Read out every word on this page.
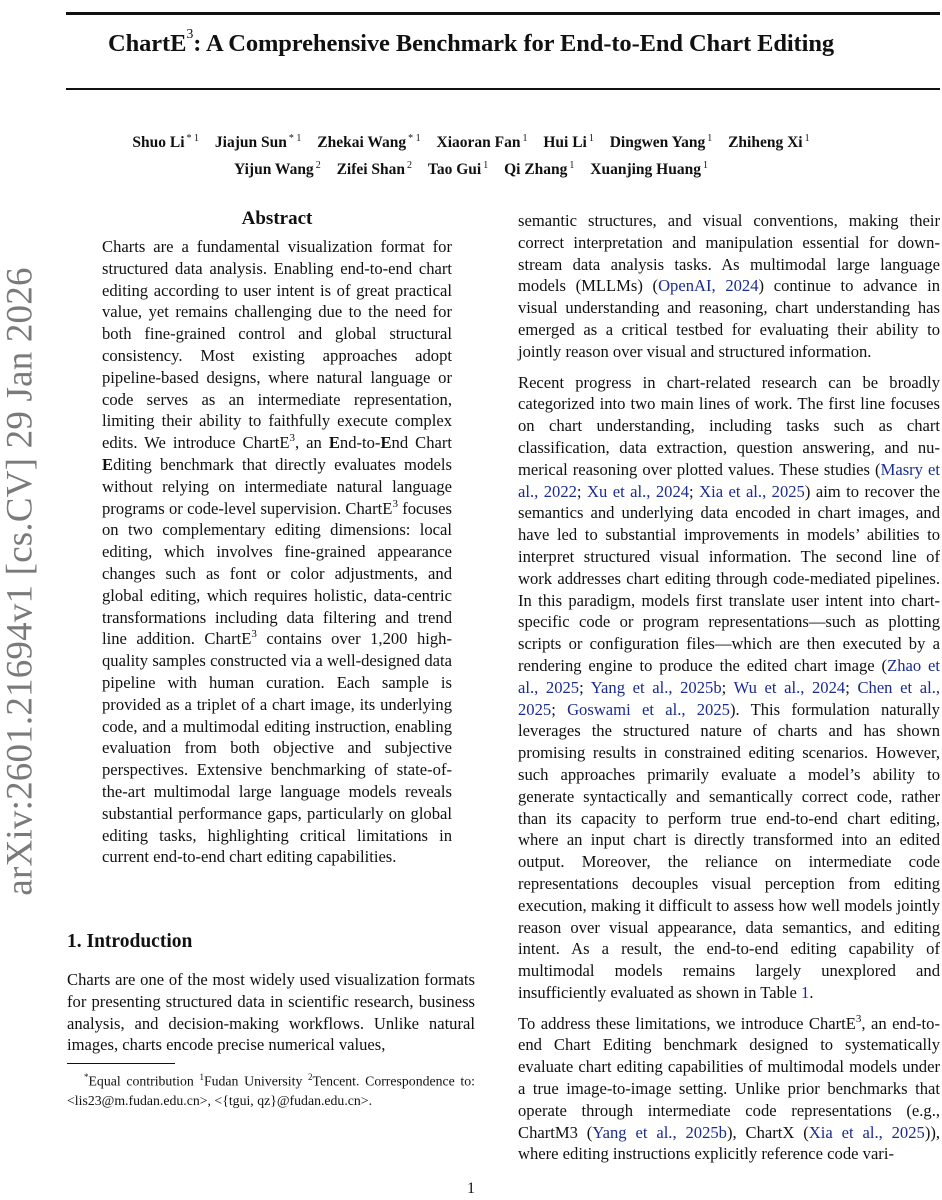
ChartE$^3$: A Comprehensive Benchmark for End-to-End Chart Editing
Shuo Li $^{* 1}$ Jiajun Sun $^{* 1}$ Zhekai Wang $^{* 1}$ Xiaoran Fan $^1$ Hui Li $^1$ Dingwen Yang $^1$ Zhiheng Xi $^1$
Yijun Wang $^2$ Zifei Shan $^2$ Tao Gui $^1$ Qi Zhang $^1$ Xuanjing Huang $^1$
arXiv:2601.21694v1 [cs.CV] 29 Jan 2026
Abstract

Charts are a fundamental visualization format for structured data analysis. Enabling end-to-end chart editing according to user intent is of great practical value, yet remains challenging due to the need for both fine-grained control and global structural consistency. Most existing approaches adopt pipeline-based designs, where natural language or code serves as an intermediate representation, limiting their ability to faithfully execute complex edits. We introduce ChartE$^3$, an End-to-End Chart Editing benchmark that directly evaluates models without relying on intermediate natural language programs or code-level supervision. ChartE$^3$ focuses on two complementary editing dimensions: local editing, which involves fine-grained appearance changes such as font or color adjustments, and global editing, which requires holistic, data-centric transformations including data filtering and trend line addition. ChartE$^3$ contains over 1,200 high-quality samples constructed via a well-designed data pipeline with human curation. Each sample is provided as a triplet of a chart image, its underlying code, and a multimodal editing instruction, enabling evaluation from both objective and subjective perspectives. Extensive benchmarking of state-of-the-art multimodal large language models reveals substantial performance gaps, particularly on global editing tasks, highlighting critical limitations in current end-to-end chart editing capabilities.

1. Introduction

Charts are one of the most widely used visualization formats for presenting structured data in scientific research, business analysis, and decision-making workflows. Unlike natural images, charts encode precise numerical values,

*Equal contribution $^1$Fudan University $^2$Tencent. Correspondence to: <lis23@m.fudan.edu.cn>, <{tgui, qz}@fudan.edu.cn>.

semantic structures, and visual conventions, making their correct interpretation and manipulation essential for downstream data analysis tasks. As multimodal large language models (MLLMs) (OpenAI, 2024) continue to advance in visual understanding and reasoning, chart understanding has emerged as a critical testbed for evaluating their ability to jointly reason over visual and structured information.

Recent progress in chart-related research can be broadly categorized into two main lines of work. The first line focuses on chart understanding, including tasks such as chart classification, data extraction, question answering, and numerical reasoning over plotted values. These studies (Masry et al., 2022; Xu et al., 2024; Xia et al., 2025) aim to recover the semantics and underlying data encoded in chart images, and have led to substantial improvements in models’ abilities to interpret structured visual information. The second line of work addresses chart editing through code-mediated pipelines. In this paradigm, models first translate user intent into chart-specific code or program representations—such as plotting scripts or configuration files—which are then executed by a rendering engine to produce the edited chart image (Zhao et al., 2025; Yang et al., 2025b; Wu et al., 2024; Chen et al., 2025; Goswami et al., 2025). This formulation naturally leverages the structured nature of charts and has shown promising results in constrained editing scenarios. However, such approaches primarily evaluate a model’s ability to generate syntactically and semantically correct code, rather than its capacity to perform true end-to-end chart editing, where an input chart is directly transformed into an edited output. Moreover, the reliance on intermediate code representations decouples visual perception from editing execution, making it difficult to assess how well models jointly reason over visual appearance, data semantics, and editing intent. As a result, the end-to-end editing capability of multimodal models remains largely unexplored and insufficiently evaluated as shown in Table 1.

To address these limitations, we introduce ChartE$^3$, an end-to-end Chart Editing benchmark designed to systematically evaluate chart editing capabilities of multimodal models under a true image-to-image setting. Unlike prior benchmarks that operate through intermediate code representations (e.g., ChartM3 (Yang et al., 2025b), ChartX (Xia et al., 2025)), where editing instructions explicitly reference code vari-

1
